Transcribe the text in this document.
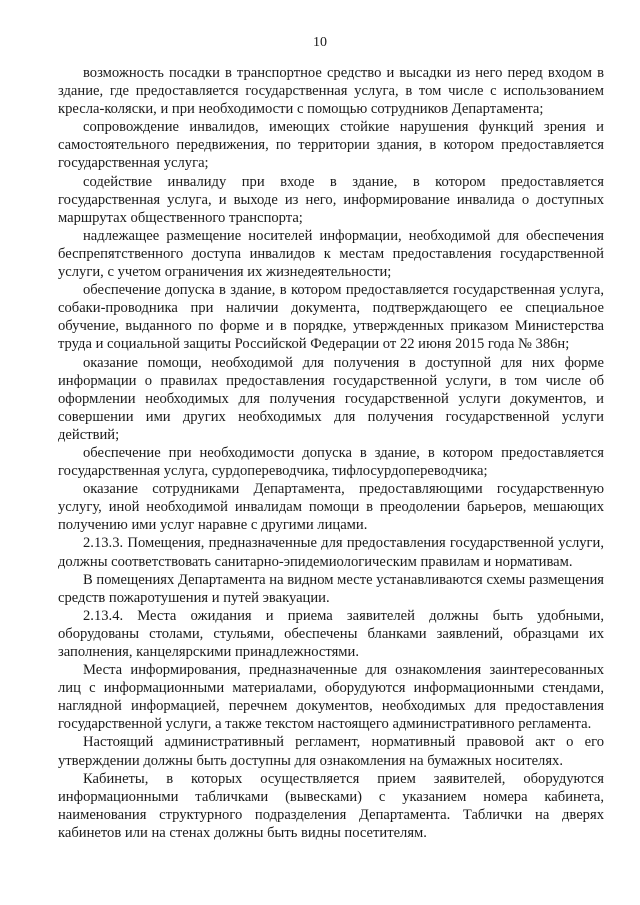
10

возможность посадки в транспортное средство и высадки из него перед входом в здание, где предоставляется государственная услуга, в том числе с использованием кресла-коляски, и при необходимости с помощью сотрудников Департамента;

сопровождение инвалидов, имеющих стойкие нарушения функций зрения и самостоятельного передвижения, по территории здания, в котором предоставляется государственная услуга;

содействие инвалиду при входе в здание, в котором предоставляется государственная услуга, и выходе из него, информирование инвалида о доступных маршрутах общественного транспорта;

надлежащее размещение носителей информации, необходимой для обеспечения беспрепятственного доступа инвалидов к местам предоставления государственной услуги, с учетом ограничения их жизнедеятельности;

обеспечение допуска в здание, в котором предоставляется государственная услуга, собаки-проводника при наличии документа, подтверждающего ее специальное обучение, выданного по форме и в порядке, утвержденных приказом Министерства труда и социальной защиты Российской Федерации от 22 июня 2015 года № 386н;

оказание помощи, необходимой для получения в доступной для них форме информации о правилах предоставления государственной услуги, в том числе об оформлении необходимых для получения государственной услуги документов, и совершении ими других необходимых для получения государственной услуги действий;

обеспечение при необходимости допуска в здание, в котором предоставляется государственная услуга, сурдопереводчика, тифлосурдопереводчика;

оказание сотрудниками Департамента, предоставляющими государственную услугу, иной необходимой инвалидам помощи в преодолении барьеров, мешающих получению ими услуг наравне с другими лицами.

2.13.3. Помещения, предназначенные для предоставления государственной услуги, должны соответствовать санитарно-эпидемиологическим правилам и нормативам.

В помещениях Департамента на видном месте устанавливаются схемы размещения средств пожаротушения и путей эвакуации.

2.13.4. Места ожидания и приема заявителей должны быть удобными, оборудованы столами, стульями, обеспечены бланками заявлений, образцами их заполнения, канцелярскими принадлежностями.

Места информирования, предназначенные для ознакомления заинтересованных лиц с информационными материалами, оборудуются информационными стендами, наглядной информацией, перечнем документов, необходимых для предоставления государственной услуги, а также текстом настоящего административного регламента.

Настоящий административный регламент, нормативный правовой акт о его утверждении должны быть доступны для ознакомления на бумажных носителях.

Кабинеты, в которых осуществляется прием заявителей, оборудуются информационными табличками (вывесками) с указанием номера кабинета, наименования структурного подразделения Департамента. Таблички на дверях кабинетов или на стенах должны быть видны посетителям.
